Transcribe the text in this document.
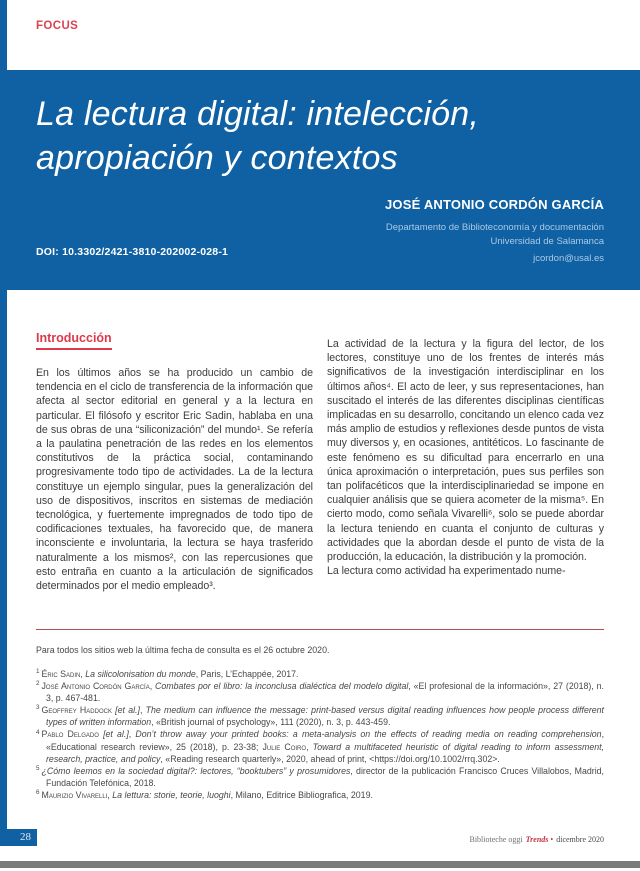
FOCUS
La lectura digital: intelección,
apropiación y contextos
DOI: 10.3302/2421-3810-202002-028-1
JOSÉ ANTONIO CORDÓN GARCÍA
Departamento de Biblioteconomía y documentación
Universidad de Salamanca
jcordon@usal.es
Introducción

En los últimos años se ha producido un cambio de tendencia en el ciclo de transferencia de la información que afecta al sector editorial en general y a la lectura en particular. El filósofo y escritor Eric Sadin, hablaba en una de sus obras de una “siliconización” del mundo¹. Se refería a la paulatina penetración de las redes en los elementos constitutivos de la práctica social, contaminando progresivamente todo tipo de actividades. La de la lectura constituye un ejemplo singular, pues la generalización del uso de dispositivos, inscritos en sistemas de mediación tecnológica, y fuertemente impregnados de todo tipo de codificaciones textuales, ha favorecido que, de manera inconsciente e involuntaria, la lectura se haya trasferido naturalmente a los mismos², con las repercusiones que esto entraña en cuanto a la articulación de significados determinados por el medio empleado³.

La actividad de la lectura y la figura del lector, de los lectores, constituye uno de los frentes de interés más significativos de la investigación interdisciplinar en los últimos años⁴. El acto de leer, y sus representaciones, han suscitado el interés de las diferentes disciplinas científicas implicadas en su desarrollo, concitando un elenco cada vez más amplio de estudios y reflexiones desde puntos de vista muy diversos y, en ocasiones, antitéticos. Lo fascinante de este fenómeno es su dificultad para encerrarlo en una única aproximación o interpretación, pues sus perfiles son tan polifacéticos que la interdisciplinariedad se impone en cualquier análisis que se quiera acometer de la misma⁵. En cierto modo, como señala Vivarelli⁶, solo se puede abordar la lectura teniendo en cuanta el conjunto de culturas y actividades que la abordan desde el punto de vista de la producción, la educación, la distribución y la promoción.

La lectura como actividad ha experimentado nume-

Para todos los sitios web la última fecha de consulta es el 26 octubre 2020.

$^1$ Éric Sadin, La silicolonisation du monde, Paris, L’Echappée, 2017.
$^2$ José Antonio Cordón García, Combates por el libro: la inconclusa dialéctica del modelo digital, «El profesional de la información», 27 (2018), n. 3, p. 467-481.
$^3$ Geoffrey Haddock [et al.], The medium can influence the message: print-based versus digital reading influences how people process different types of written information, «British journal of psychology», 111 (2020), n. 3, p. 443-459.
$^4$ Pablo Delgado [et al.], Don’t throw away your printed books: a meta-analysis on the effects of reading media on reading comprehension, «Educational research review», 25 (2018), p. 23-38; Julie Coiro, Toward a multifaceted heuristic of digital reading to inform assessment, research, practice, and policy, «Reading research quarterly», 2020, ahead of print, <https://doi.org/10.1002/rrq.302>.
$^5$ ¿Cómo leemos en la sociedad digital?: lectores, “booktubers” y prosumidores, director de la publicación Francisco Cruces Villalobos, Madrid, Fundación Telefónica, 2018.
$^6$ Maurizio Vivarelli, La lettura: storie, teorie, luoghi, Milano, Editrice Bibliografica, 2019.
28	Biblioteche oggi Trends • dicembre 2020
